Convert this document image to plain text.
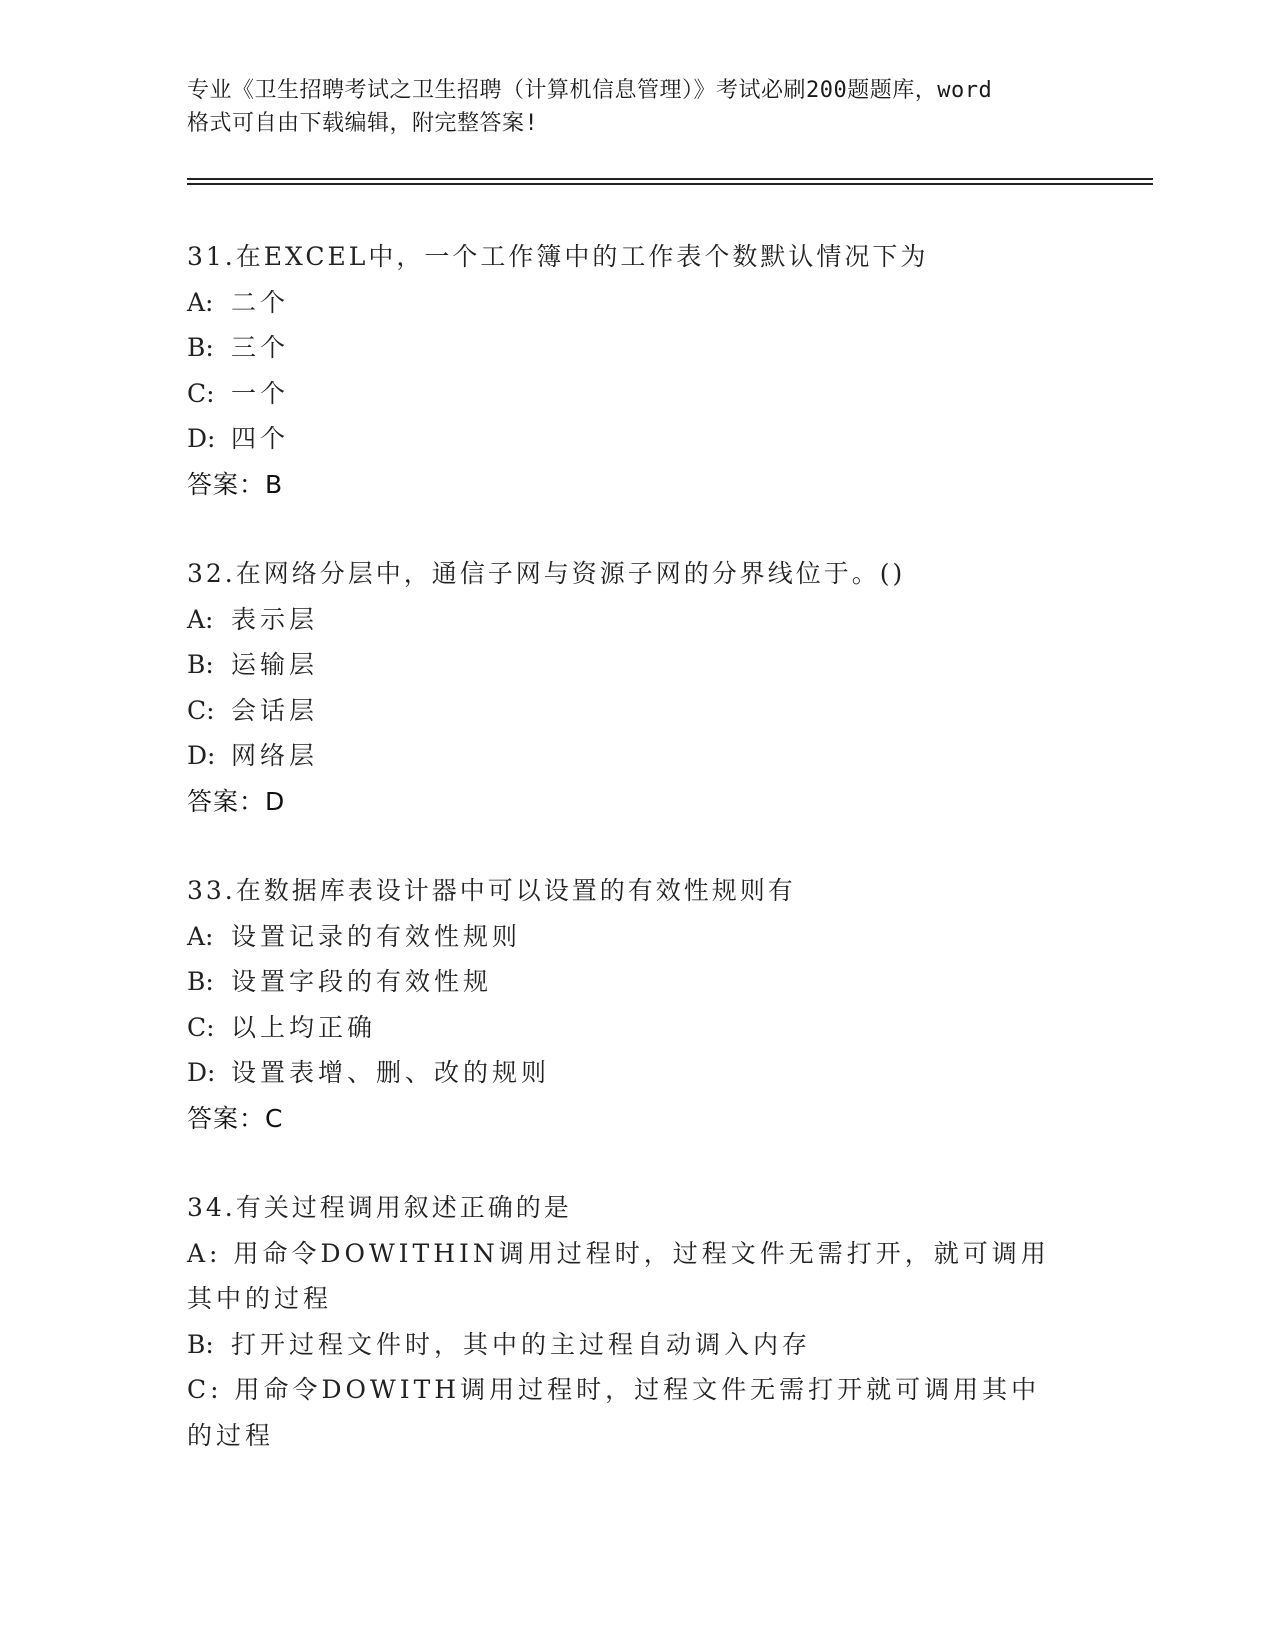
专业《卫生招聘考试之卫生招聘（计算机信息管理）》考试必刷200题题库，word
格式可自由下载编辑，附完整答案!
31.在EXCEL中，一个工作簿中的工作表个数默认情况下为
A: 二个
B: 三个
C: 一个
D: 四个
答案：B
32.在网络分层中，通信子网与资源子网的分界线位于。()
A: 表示层
B: 运输层
C: 会话层
D: 网络层
答案：D
33.在数据库表设计器中可以设置的有效性规则有
A: 设置记录的有效性规则
B: 设置字段的有效性规
C: 以上均正确
D: 设置表增、删、改的规则
答案：C
34.有关过程调用叙述正确的是
A: 用命令DOWITHIN调用过程时，过程文件无需打开，就可调用其中的过程
B: 打开过程文件时，其中的主过程自动调入内存
C: 用命令DOWITH调用过程时，过程文件无需打开就可调用其中的过程
